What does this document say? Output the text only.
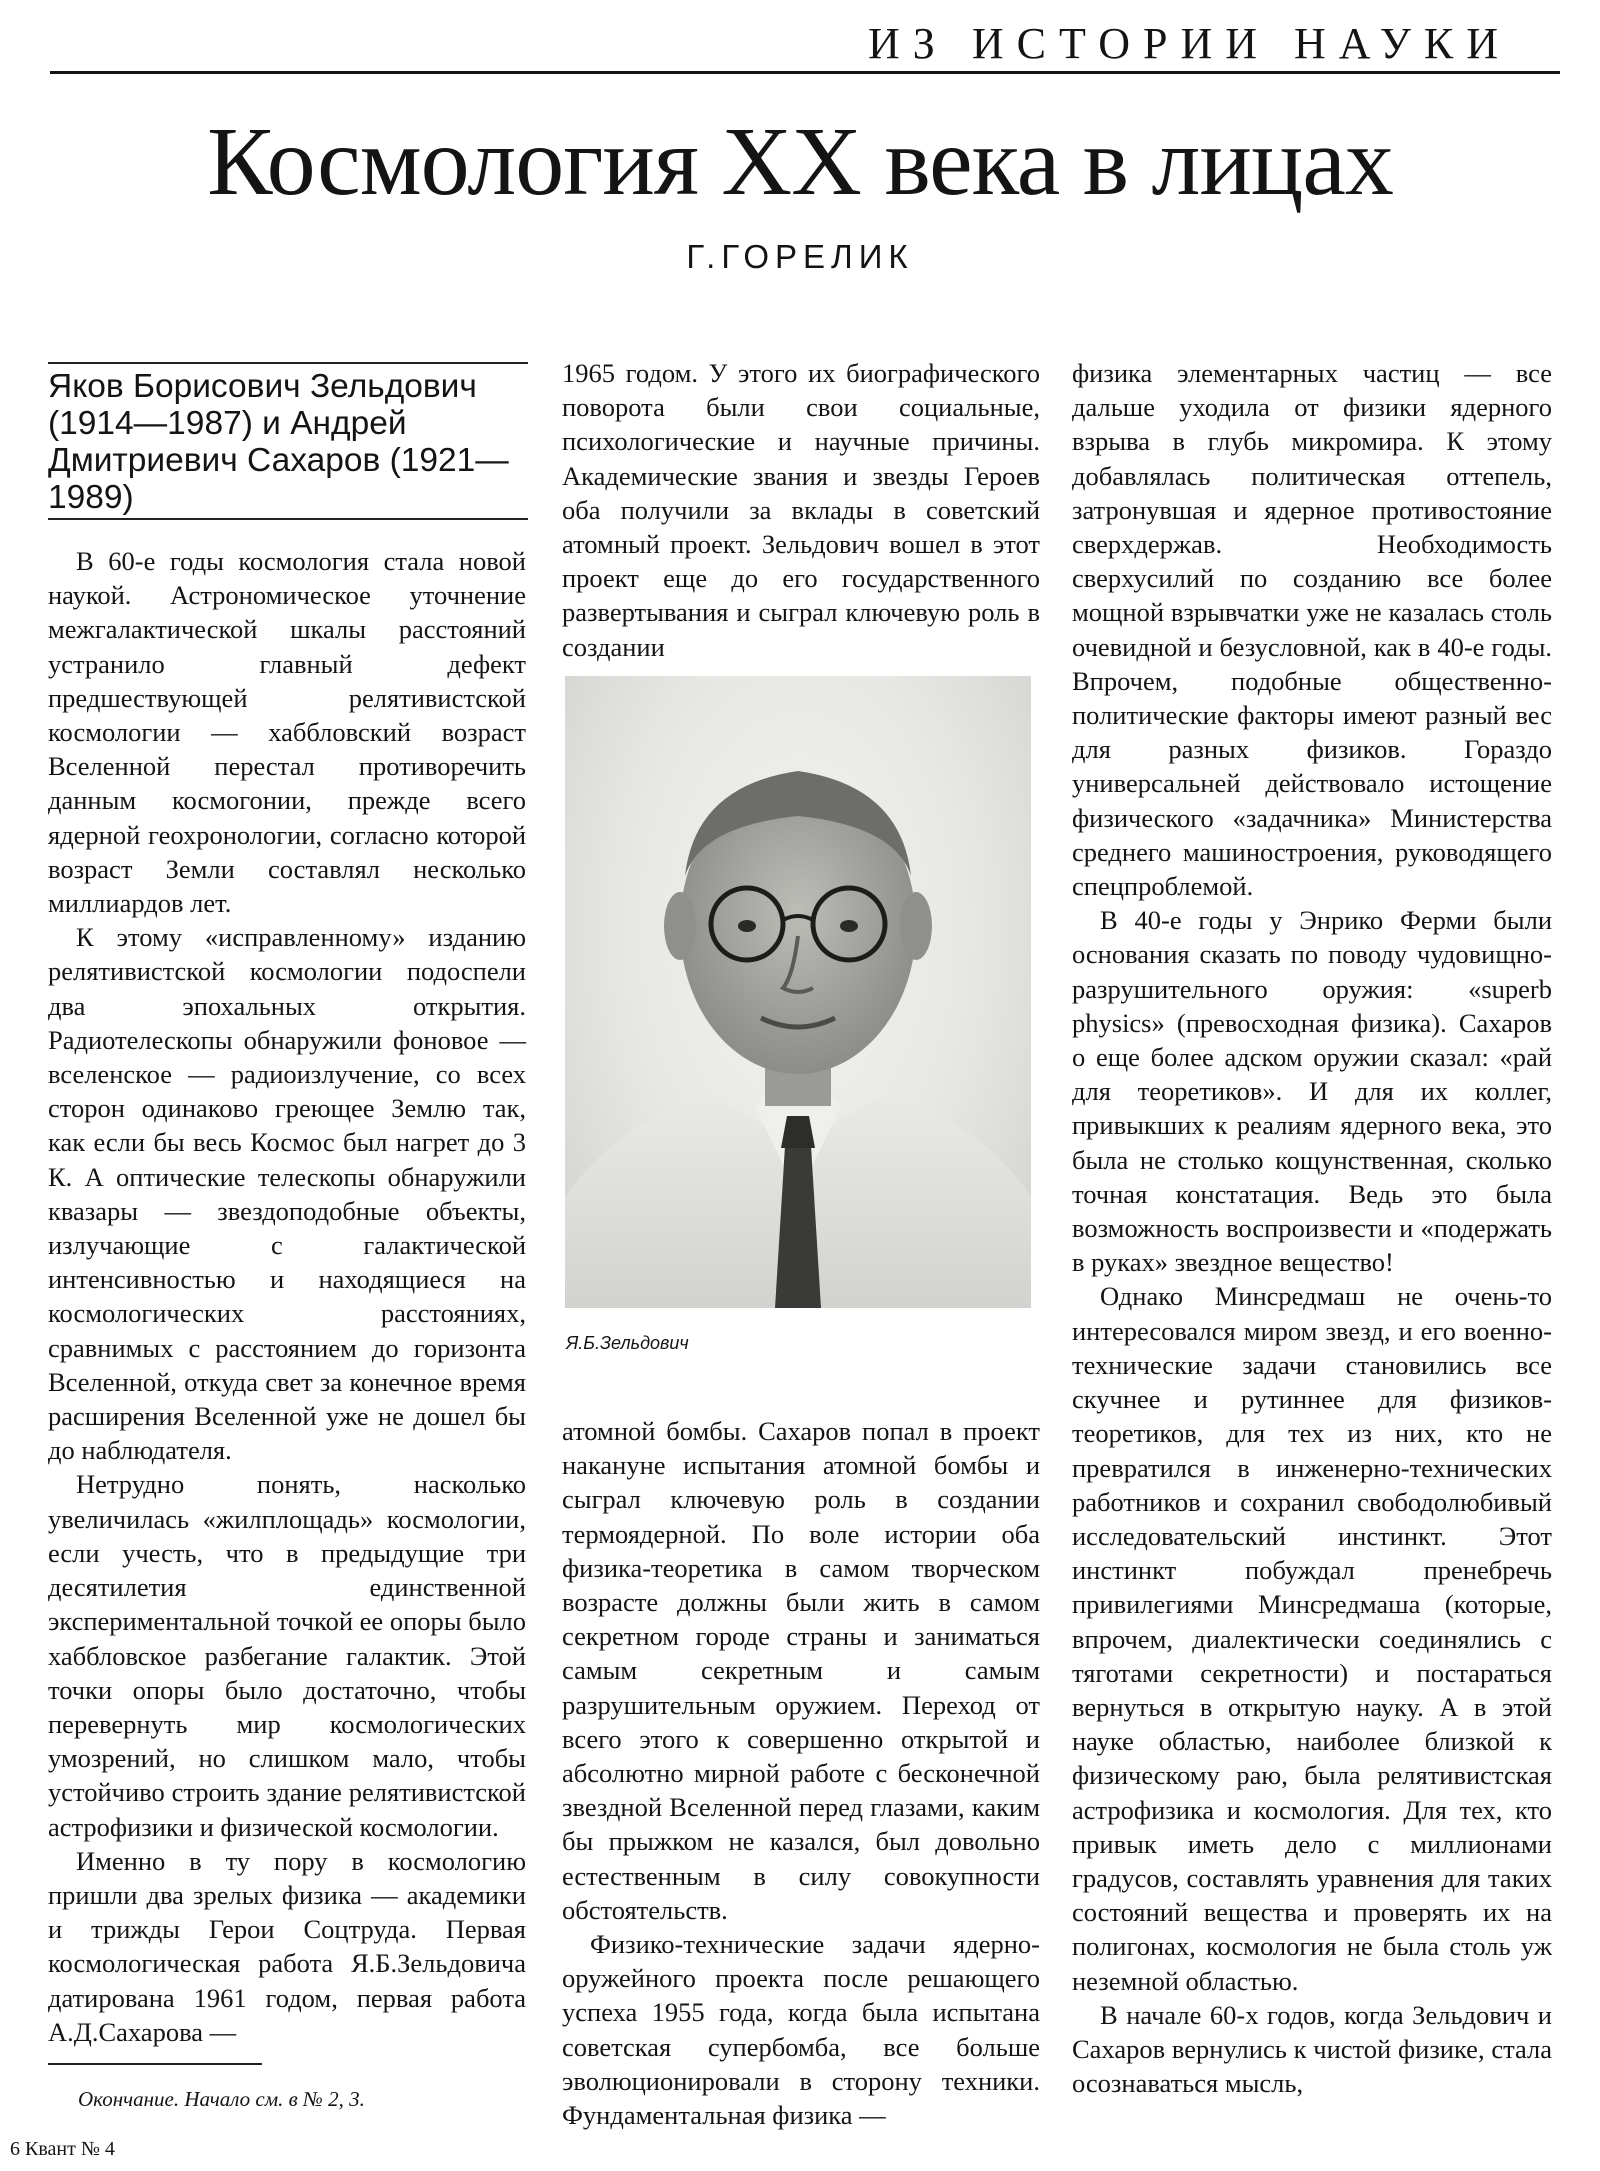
ИЗ ИСТОРИИ НАУКИ
Космология XX века в лицах
Г.ГОРЕЛИК
Яков Борисович Зельдович (1914—1987) и Андрей Дмитриевич Сахаров (1921—1989)

В 60-е годы космология стала новой наукой. Астрономическое уточнение межгалактической шкалы расстояний устранило главный дефект предшествующей релятивистской космологии — хаббловский возраст Вселенной перестал противоречить данным космогонии, прежде всего ядерной геохронологии, согласно которой возраст Земли составлял несколько миллиардов лет.

К этому «исправленному» изданию релятивистской космологии подоспели два эпохальных открытия. Радиотелескопы обнаружили фоновое — вселенское — радиоизлучение, со всех сторон одинаково греющее Землю так, как если бы весь Космос был нагрет до 3 К. А оптические телескопы обнаружили квазары — звездоподобные объекты, излучающие с галактической интенсивностью и находящиеся на космологических расстояниях, сравнимых с расстоянием до горизонта Вселенной, откуда свет за конечное время расширения Вселенной уже не дошел бы до наблюдателя.

Нетрудно понять, насколько увеличилась «жилплощадь» космологии, если учесть, что в предыдущие три десятилетия единственной экспериментальной точкой ее опоры было хаббловское разбегание галактик. Этой точки опоры было достаточно, чтобы перевернуть мир космологических умозрений, но слишком мало, чтобы устойчиво строить здание релятивистской астрофизики и физической космологии.

Именно в ту пору в космологию пришли два зрелых физика — академики и трижды Герои Соцтруда. Первая космологическая работа Я.Б.Зельдовича датирована 1961 годом, первая работа А.Д.Сахарова —

1965 годом. У этого их биографического поворота были свои социальные, психологические и научные причины. Академические звания и звезды Героев оба получили за вклады в советский атомный проект. Зельдович вошел в этот проект еще до его государственного развертывания и сыграл ключевую роль в создании

Я.Б.Зельдович

атомной бомбы. Сахаров попал в проект накануне испытания атомной бомбы и сыграл ключевую роль в создании термоядерной. По воле истории оба физика-теоретика в самом творческом возрасте должны были жить в самом секретном городе страны и заниматься самым секретным и самым разрушительным оружием. Переход от всего этого к совершенно открытой и абсолютно мирной работе с бесконечной звездной Вселенной перед глазами, каким бы прыжком не казался, был довольно естественным в силу совокупности обстоятельств.

Физико-технические задачи ядерно-оружейного проекта после решающего успеха 1955 года, когда была испытана советская супербомба, все больше эволюционировали в сторону техники. Фундаментальная физика —

физика элементарных частиц — все дальше уходила от физики ядерного взрыва в глубь микромира. К этому добавлялась политическая оттепель, затронувшая и ядерное противостояние сверхдержав. Необходимость сверхусилий по созданию все более мощной взрывчатки уже не казалась столь очевидной и безусловной, как в 40-е годы. Впрочем, подобные общественно-политические факторы имеют разный вес для разных физиков. Гораздо универсальней действовало истощение физического «задачника» Министерства среднего машиностроения, руководящего спецпроблемой.

В 40-е годы у Энрико Ферми были основания сказать по поводу чудовищно-разрушительного оружия: «superb physics» (превосходная физика). Сахаров о еще более адском оружии сказал: «рай для теоретиков». И для их коллег, привыкших к реалиям ядерного века, это была не столько кощунственная, сколько точная констатация. Ведь это была возможность воспроизвести и «подержать в руках» звездное вещество!

Однако Минсредмаш не очень-то интересовался миром звезд, и его военно-технические задачи становились все скучнее и рутиннее для физиков-теоретиков, для тех из них, кто не превратился в инженерно-технических работников и сохранил свободолюбивый исследовательский инстинкт. Этот инстинкт побуждал пренебречь привилегиями Минсредмаша (которые, впрочем, диалектически соединялись с тяготами секретности) и постараться вернуться в открытую науку. А в этой науке областью, наиболее близкой к физическому раю, была релятивистская астрофизика и космология. Для тех, кто привык иметь дело с миллионами градусов, составлять уравнения для таких состояний вещества и проверять их на полигонах, космология не была столь уж неземной областью.

В начале 60-х годов, когда Зельдович и Сахаров вернулись к чистой физике, стала осознаваться мысль,

Окончание. Начало см. в № 2, 3.
6 Квант № 4
